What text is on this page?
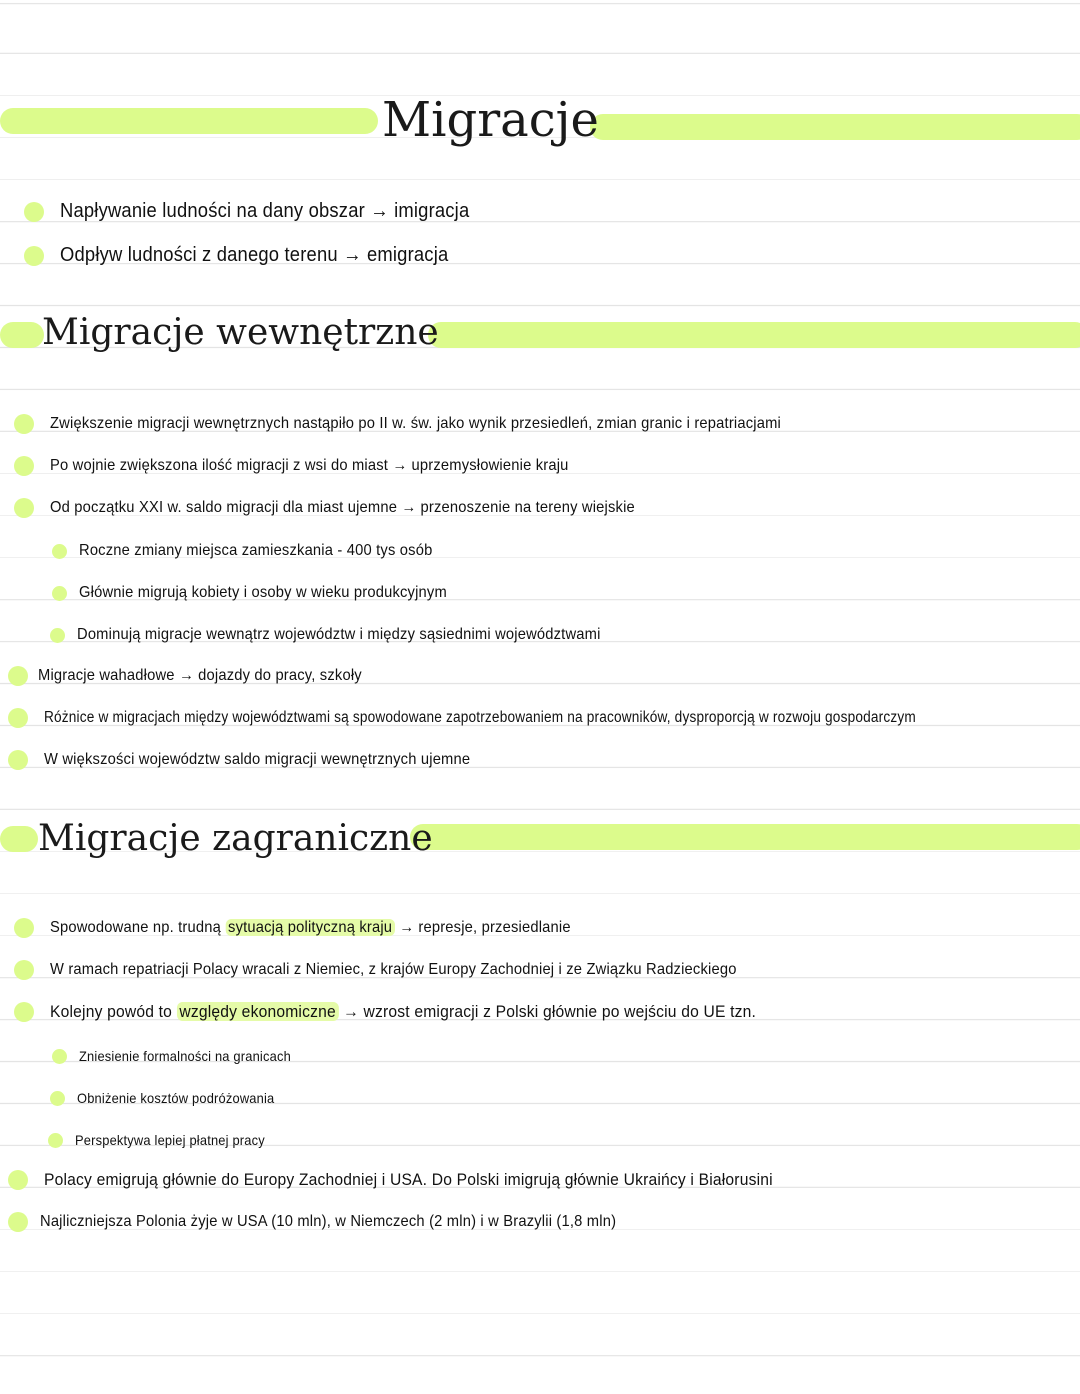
Migracje
Napływanie ludności na dany obszar → imigracja
Odpływ ludności z danego terenu → emigracja
Migracje wewnętrzne
Zwiększenie migracji wewnętrznych nastąpiło po II w. św. jako wynik przesiedleń, zmian granic i repatriacjami
Po wojnie zwiększona ilość migracji z wsi do miast → uprzemysłowienie kraju
Od początku XXI w. saldo migracji dla miast ujemne → przenoszenie na tereny wiejskie
Roczne zmiany miejsca zamieszkania - 400 tys osób
Głównie migrują kobiety i osoby w wieku produkcyjnym
Dominują migracje wewnątrz województw i między sąsiednimi województwami
Migracje wahadłowe → dojazdy do pracy, szkoły
Różnice w migracjach między województwami są spowodowane zapotrzebowaniem na pracowników, dysproporcją w rozwoju gospodarczym
W większości województw saldo migracji wewnętrznych ujemne
Migracje zagraniczne
Spowodowane np. trudną sytuacją polityczną kraju → represje, przesiedlanie
W ramach repatriacji Polacy wracali z Niemiec, z krajów Europy Zachodniej i ze Związku Radzieckiego
Kolejny powód to względy ekonomiczne → wzrost emigracji z Polski głównie po wejściu do UE tzn.
Zniesienie formalności na granicach
Obniżenie kosztów podróżowania
Perspektywa lepiej płatnej pracy
Polacy emigrują głównie do Europy Zachodniej i USA. Do Polski imigrują głównie Ukraińcy i Białorusini
Najliczniejsza Polonia żyje w USA (10 mln), w Niemczech (2 mln) i w Brazylii (1,8 mln)
